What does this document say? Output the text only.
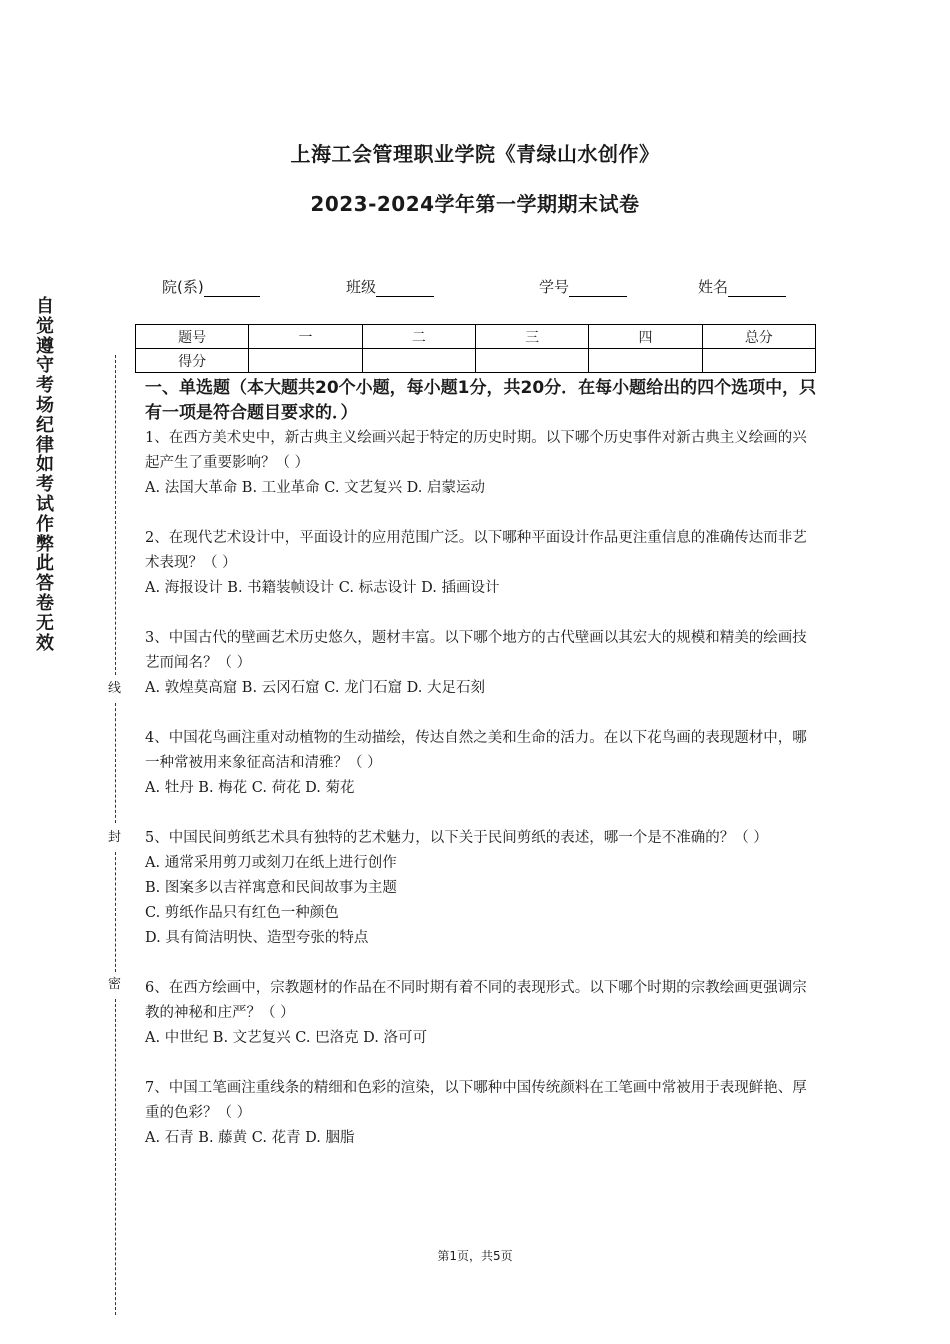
上海工会管理职业学院《青绿山水创作》
2023-2024学年第一学期期末试卷
院(系)	班级	学号	姓名
题号	一	二	三	四	总分
得分					
自觉遵守考场纪律如考试作弊此答卷无效
线
封
密
一、单选题（本大题共20个小题，每小题1分，共20分．在每小题给出的四个选项中，只有一项是符合题目要求的．）

1、在西方美术史中，新古典主义绘画兴起于特定的历史时期。以下哪个历史事件对新古典主义绘画的兴起产生了重要影响？（ ）

A. 法国大革命 B. 工业革命 C. 文艺复兴 D. 启蒙运动

2、在现代艺术设计中，平面设计的应用范围广泛。以下哪种平面设计作品更注重信息的准确传达而非艺术表现？（ ）

A. 海报设计 B. 书籍装帧设计 C. 标志设计 D. 插画设计

3、中国古代的壁画艺术历史悠久，题材丰富。以下哪个地方的古代壁画以其宏大的规模和精美的绘画技艺而闻名？（ ）

A. 敦煌莫高窟 B. 云冈石窟 C. 龙门石窟 D. 大足石刻

4、中国花鸟画注重对动植物的生动描绘，传达自然之美和生命的活力。在以下花鸟画的表现题材中，哪一种常被用来象征高洁和清雅？（ ）

A. 牡丹 B. 梅花 C. 荷花 D. 菊花

5、中国民间剪纸艺术具有独特的艺术魅力，以下关于民间剪纸的表述，哪一个是不准确的？（ ）

A. 通常采用剪刀或刻刀在纸上进行创作

B. 图案多以吉祥寓意和民间故事为主题

C. 剪纸作品只有红色一种颜色

D. 具有简洁明快、造型夸张的特点

6、在西方绘画中，宗教题材的作品在不同时期有着不同的表现形式。以下哪个时期的宗教绘画更强调宗教的神秘和庄严？（ ）

A. 中世纪 B. 文艺复兴 C. 巴洛克 D. 洛可可

7、中国工笔画注重线条的精细和色彩的渲染，以下哪种中国传统颜料在工笔画中常被用于表现鲜艳、厚重的色彩？（ ）

A. 石青 B. 藤黄 C. 花青 D. 胭脂

第1页，共5页
